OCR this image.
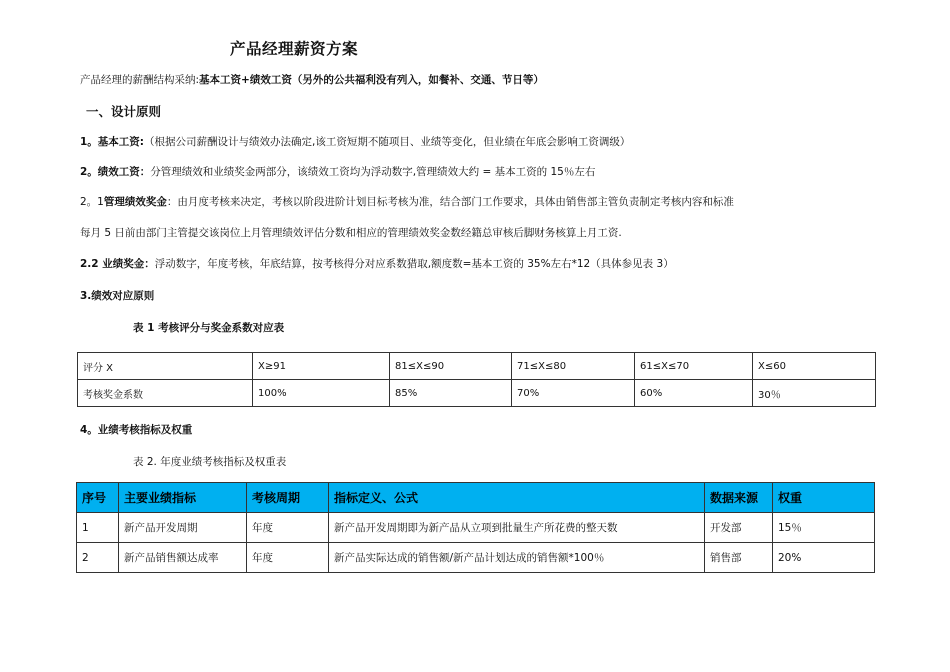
产品经理薪资方案
产品经理的薪酬结构采纳:基本工资+绩效工资（另外的公共福利没有列入，如餐补、交通、节日等）
一、设计原则
1。基本工资:（根据公司薪酬设计与绩效办法确定,该工资短期不随项目、业绩等变化，但业绩在年底会影响工资调级）
2。绩效工资：分管理绩效和业绩奖金两部分，该绩效工资均为浮动数字,管理绩效大约 = 基本工资的 15％左右
2。1管理绩效奖金：由月度考核来决定，考核以阶段进阶计划目标考核为准，结合部门工作要求，具体由销售部主管负责制定考核内容和标准
每月 5 日前由部门主管提交该岗位上月管理绩效评估分数和相应的管理绩效奖金数经籍总审核后脚财务核算上月工资.
2.2 业绩奖金：浮动数字，年度考核，年底结算，按考核得分对应系数猎取,额度数=基本工资的 35%左右*12（具体参见表 3）
3.绩效对应原则
表 1 考核评分与奖金系数对应表
评分 X	X≥91	81≤X≤90	71≤X≤80	61≤X≤70	X≤60
考核奖金系数	100%	85%	70%	60%	30％
4。业绩考核指标及权重
表 2. 年度业绩考核指标及权重表
序号	主要业绩指标	考核周期	指标定义、公式	数据来源	权重
1	新产品开发周期	年度	新产品开发周期即为新产品从立项到批量生产所花费的整天数	开发部	15％
2	新产品销售额达成率	年度	新产品实际达成的销售额/新产品计划达成的销售额*100％	销售部	20%
